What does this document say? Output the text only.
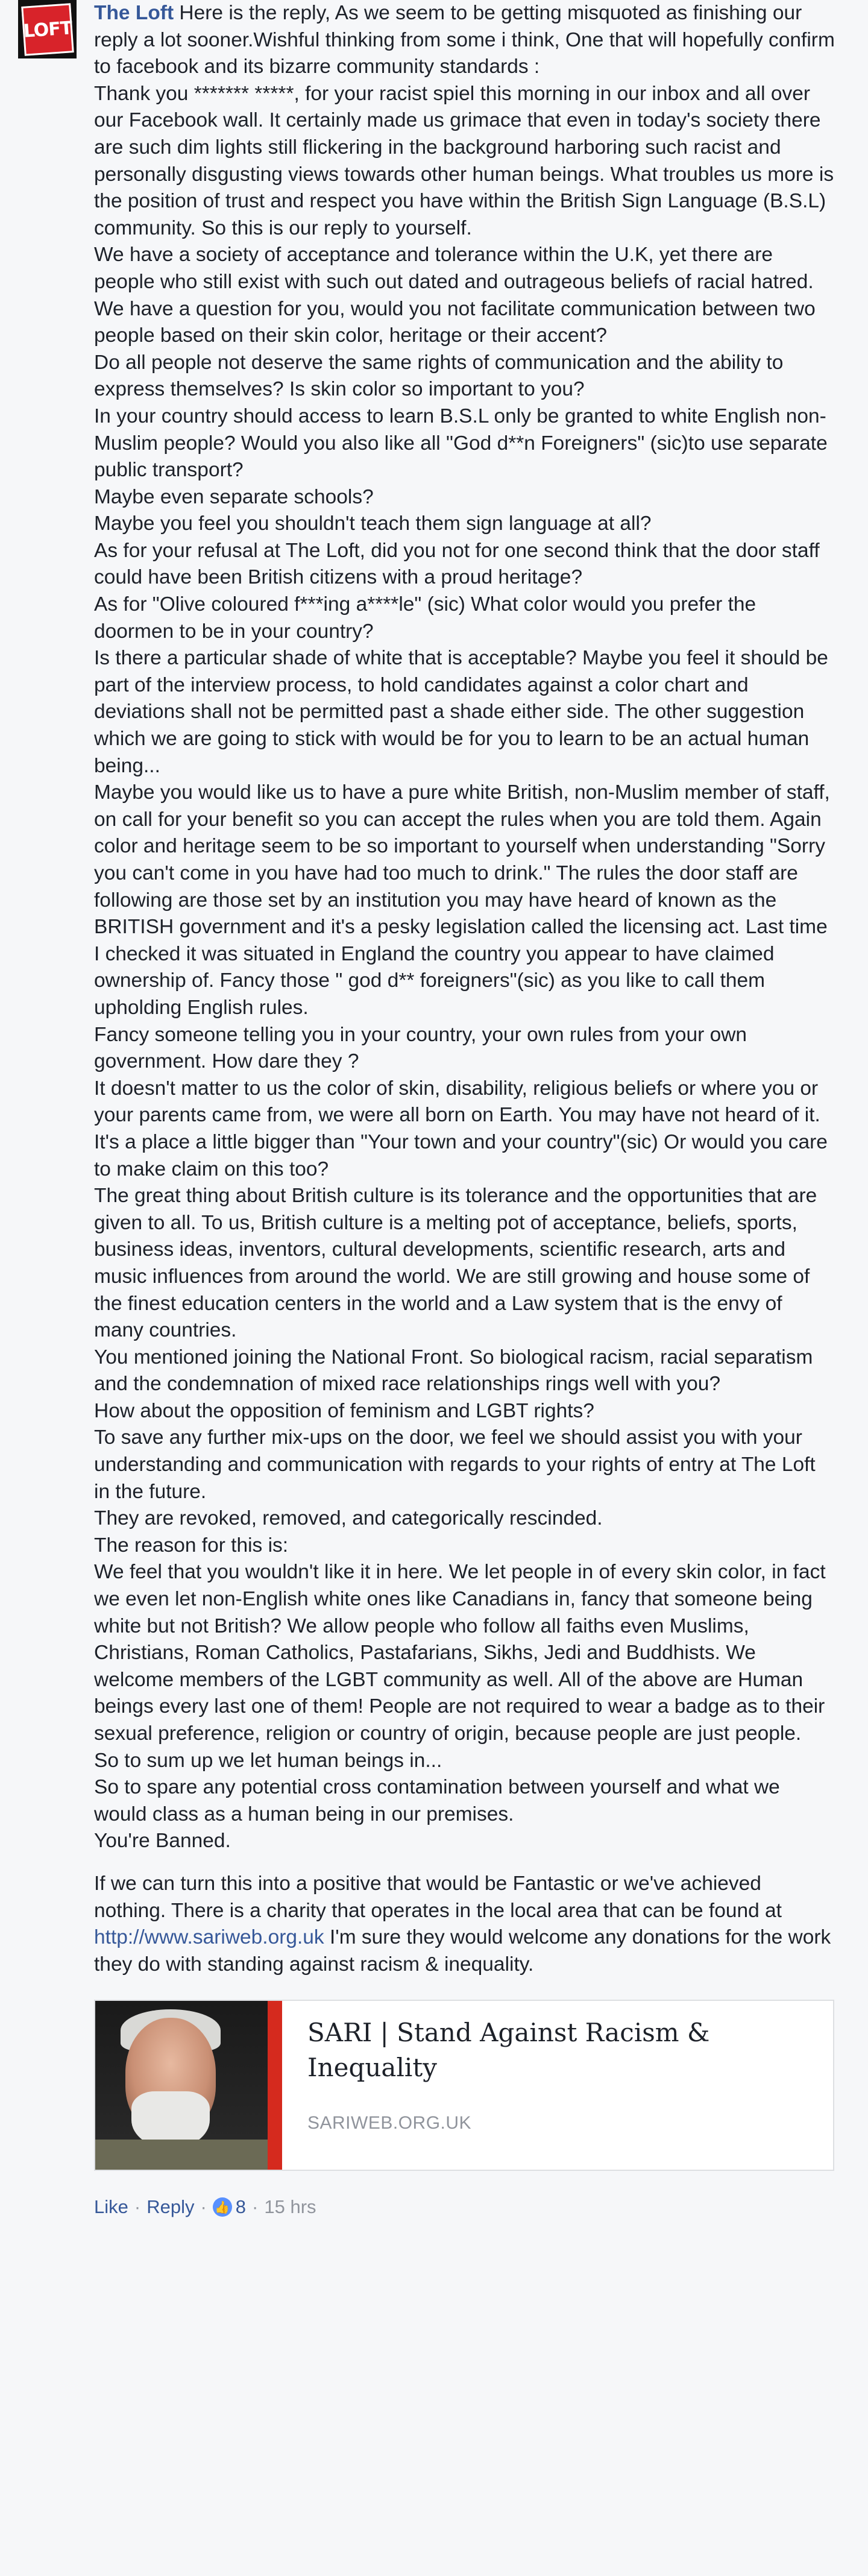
LOFT

The Loft Here is the reply, As we seem to be getting misquoted as finishing our reply a lot sooner.Wishful thinking from some i think, One that will hopefully confirm to facebook and its bizarre community standards :
Thank you ******* *****, for your racist spiel this morning in our inbox and all over our Facebook wall. It certainly made us grimace that even in today's society there are such dim lights still flickering in the background harboring such racist and personally disgusting views towards other human beings. What troubles us more is the position of trust and respect you have within the British Sign Language (B.S.L) community. So this is our reply to yourself.
We have a society of acceptance and tolerance within the U.K, yet there are people who still exist with such out dated and outrageous beliefs of racial hatred.
We have a question for you, would you not facilitate communication between two people based on their skin color, heritage or their accent?
Do all people not deserve the same rights of communication and the ability to express themselves? Is skin color so important to you?
In your country should access to learn B.S.L only be granted to white English non-Muslim people? Would you also like all "God d**n Foreigners" (sic)to use separate public transport?
Maybe even separate schools?
Maybe you feel you shouldn't teach them sign language at all?
As for your refusal at The Loft, did you not for one second think that the door staff could have been British citizens with a proud heritage?
As for "Olive coloured f***ing a****le" (sic) What color would you prefer the doormen to be in your country?
Is there a particular shade of white that is acceptable? Maybe you feel it should be part of the interview process, to hold candidates against a color chart and deviations shall not be permitted past a shade either side. The other suggestion which we are going to stick with would be for you to learn to be an actual human being...
Maybe you would like us to have a pure white British, non-Muslim member of staff, on call for your benefit so you can accept the rules when you are told them. Again color and heritage seem to be so important to yourself when understanding "Sorry you can't come in you have had too much to drink." The rules the door staff are following are those set by an institution you may have heard of known as the BRITISH government and it's a pesky legislation called the licensing act. Last time I checked it was situated in England the country you appear to have claimed ownership of. Fancy those " god d** foreigners"(sic) as you like to call them upholding English rules.
Fancy someone telling you in your country, your own rules from your own government. How dare they ?
It doesn't matter to us the color of skin, disability, religious beliefs or where you or your parents came from, we were all born on Earth. You may have not heard of it. It's a place a little bigger than "Your town and your country"(sic) Or would you care to make claim on this too?
The great thing about British culture is its tolerance and the opportunities that are given to all. To us, British culture is a melting pot of acceptance, beliefs, sports, business ideas, inventors, cultural developments, scientific research, arts and music influences from around the world. We are still growing and house some of the finest education centers in the world and a Law system that is the envy of many countries.
You mentioned joining the National Front. So biological racism, racial separatism and the condemnation of mixed race relationships rings well with you?
How about the opposition of feminism and LGBT rights?
To save any further mix-ups on the door, we feel we should assist you with your understanding and communication with regards to your rights of entry at The Loft in the future.
They are revoked, removed, and categorically rescinded.
The reason for this is:
We feel that you wouldn't like it in here. We let people in of every skin color, in fact we even let non-English white ones like Canadians in, fancy that someone being white but not British? We allow people who follow all faiths even Muslims, Christians, Roman Catholics, Pastafarians, Sikhs, Jedi and Buddhists. We welcome members of the LGBT community as well. All of the above are Human beings every last one of them! People are not required to wear a badge as to their sexual preference, religion or country of origin, because people are just people.
So to sum up we let human beings in...
So to spare any potential cross contamination between yourself and what we would class as a human being in our premises.
You're Banned.

If we can turn this into a positive that would be Fantastic or we've achieved nothing. There is a charity that operates in the local area that can be found at http://www.sariweb.org.uk I'm sure they would welcome any donations for the work they do with standing against racism & inequality.

SARI | Stand Against Racism & Inequality

SARIWEB.ORG.UK
Like · Reply · 👍 8 · 15 hrs
